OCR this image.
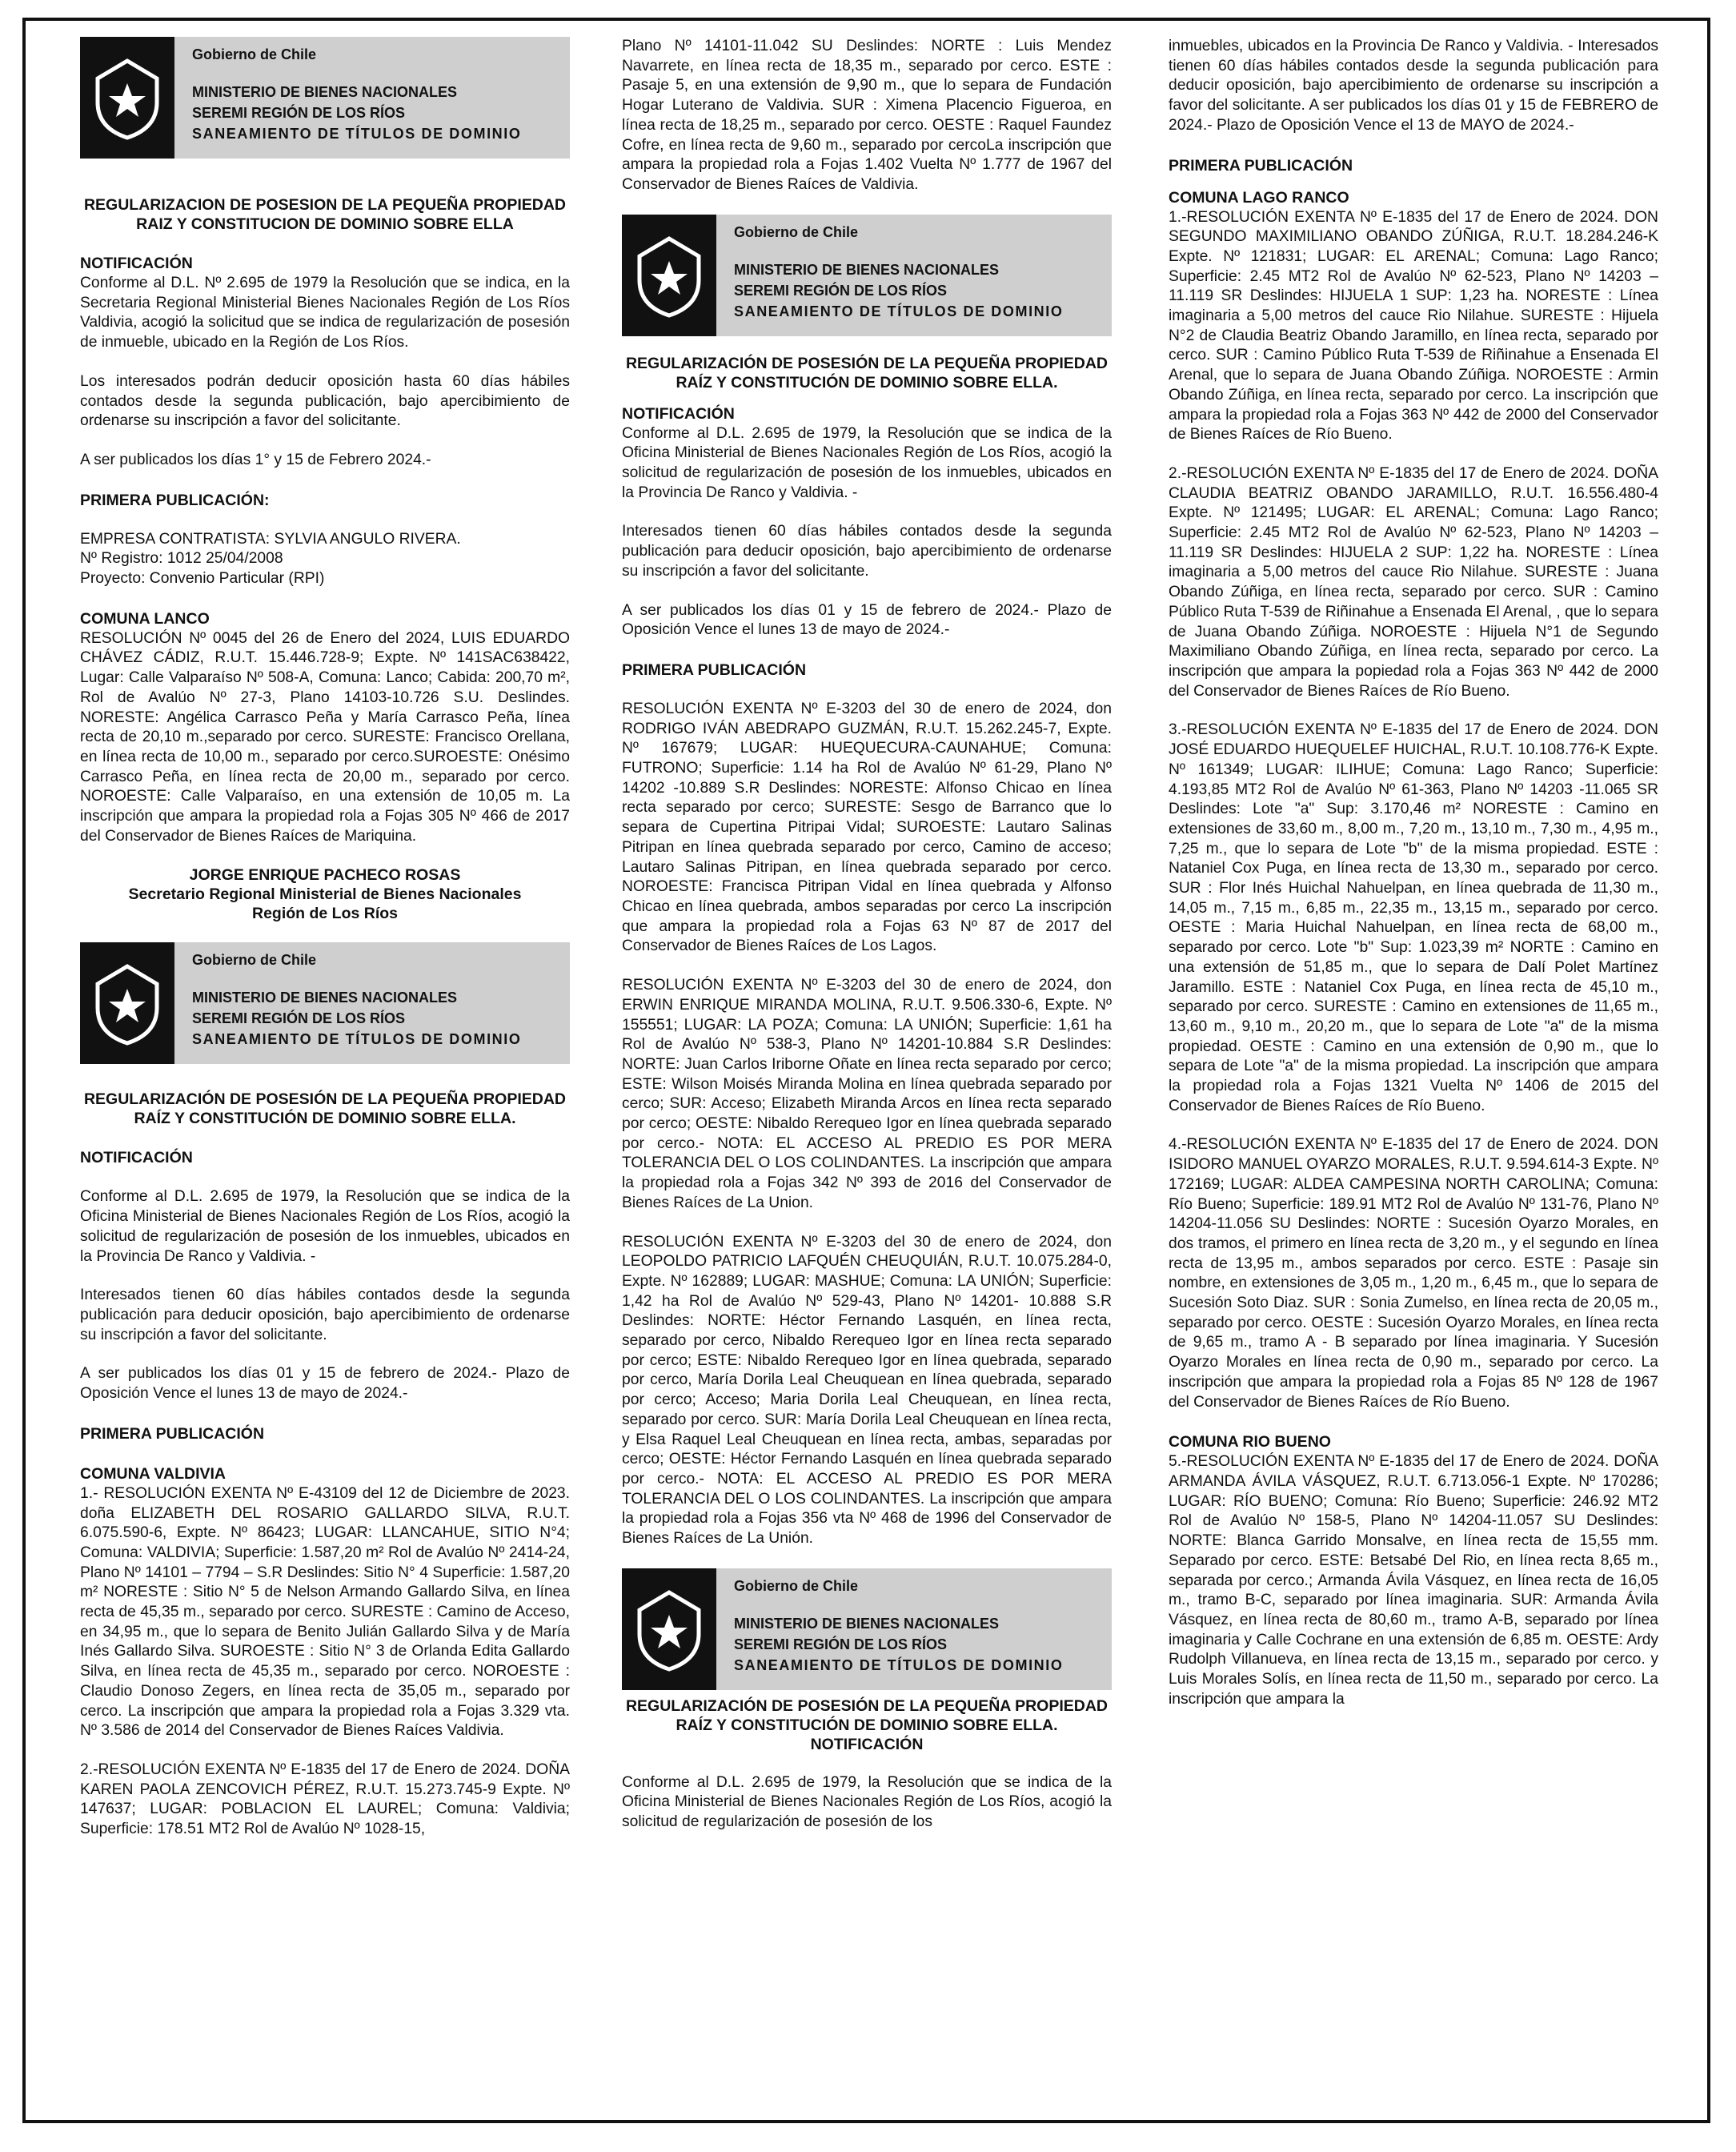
Gobierno de Chile
MINISTERIO DE BIENES NACIONALES
SEREMI REGIÓN DE LOS RÍOS
SANEAMIENTO DE TÍTULOS DE DOMINIO

REGULARIZACION DE POSESION DE LA PEQUEÑA PROPIEDAD RAIZ Y CONSTITUCION DE DOMINIO SOBRE ELLA

NOTIFICACIÓN

Conforme al D.L. Nº 2.695 de 1979 la Resolución que se indica, en la Secretaria Regional Ministerial Bienes Nacionales Región de Los Ríos Valdivia, acogió la solicitud que se indica de regularización de posesión de inmueble, ubicado en la Región de Los Ríos.

Los interesados podrán deducir oposición hasta 60 días hábiles contados desde la segunda publicación, bajo apercibimiento de ordenarse su inscripción a favor del solicitante.

A ser publicados los días 1° y 15 de Febrero 2024.-

PRIMERA PUBLICACIÓN:

EMPRESA CONTRATISTA: SYLVIA ANGULO RIVERA.

Nº Registro: 1012 25/04/2008

Proyecto: Convenio Particular (RPI)

COMUNA LANCO

RESOLUCIÓN Nº 0045 del 26 de Enero del 2024, LUIS EDUARDO CHÁVEZ CÁDIZ, R.U.T. 15.446.728-9; Expte. Nº 141SAC638422, Lugar: Calle Valparaíso Nº 508-A, Comuna: Lanco; Cabida: 200,70 m², Rol de Avalúo Nº 27-3, Plano 14103-10.726 S.U. Deslindes. NORESTE: Angélica Carrasco Peña y María Carrasco Peña, línea recta de 20,10 m.,separado por cerco. SURESTE: Francisco Orellana, en línea recta de 10,00 m., separado por cerco.SUROESTE: Onésimo Carrasco Peña, en línea recta de 20,00 m., separado por cerco. NOROESTE: Calle Valparaíso, en una extensión de 10,05 m. La inscripción que ampara la propiedad rola a Fojas 305 Nº 466 de 2017 del Conservador de Bienes Raíces de Mariquina.

JORGE ENRIQUE PACHECO ROSAS

Secretario Regional Ministerial de Bienes Nacionales

Región de Los Ríos

Gobierno de Chile
MINISTERIO DE BIENES NACIONALES
SEREMI REGIÓN DE LOS RÍOS
SANEAMIENTO DE TÍTULOS DE DOMINIO

REGULARIZACIÓN DE POSESIÓN DE LA PEQUEÑA PROPIEDAD RAÍZ Y CONSTITUCIÓN DE DOMINIO SOBRE ELLA.

NOTIFICACIÓN

Conforme al D.L. 2.695 de 1979, la Resolución que se indica de la Oficina Ministerial de Bienes Nacionales Región de Los Ríos, acogió la solicitud de regularización de posesión de los inmuebles, ubicados en la Provincia De Ranco y Valdivia. -

Interesados tienen 60 días hábiles contados desde la segunda publicación para deducir oposición, bajo apercibimiento de ordenarse su inscripción a favor del solicitante.

A ser publicados los días 01 y 15 de febrero de 2024.- Plazo de Oposición Vence el lunes 13 de mayo de 2024.-

PRIMERA PUBLICACIÓN

COMUNA VALDIVIA

1.- RESOLUCIÓN EXENTA Nº E-43109 del 12 de Diciembre de 2023. doña ELIZABETH DEL ROSARIO GALLARDO SILVA, R.U.T. 6.075.590-6, Expte. Nº 86423; LUGAR: LLANCAHUE, SITIO N°4; Comuna: VALDIVIA; Superficie: 1.587,20 m² Rol de Avalúo Nº 2414-24, Plano Nº 14101 – 7794 – S.R Deslindes: Sitio N° 4 Superficie: 1.587,20 m² NORESTE : Sitio N° 5 de Nelson Armando Gallardo Silva, en línea recta de 45,35 m., separado por cerco. SURESTE : Camino de Acceso, en 34,95 m., que lo separa de Benito Julián Gallardo Silva y de María Inés Gallardo Silva. SUROESTE : Sitio N° 3 de Orlanda Edita Gallardo Silva, en línea recta de 45,35 m., separado por cerco. NOROESTE : Claudio Donoso Zegers, en línea recta de 35,05 m., separado por cerco. La inscripción que ampara la propiedad rola a Fojas 3.329 vta. Nº 3.586 de 2014 del Conservador de Bienes Raíces Valdivia.

2.-RESOLUCIÓN EXENTA Nº E-1835 del 17 de Enero de 2024. DOÑA KAREN PAOLA ZENCOVICH PÉREZ, R.U.T. 15.273.745-9 Expte. Nº 147637; LUGAR: POBLACION EL LAUREL; Comuna: Valdivia; Superficie: 178.51 MT2 Rol de Avalúo Nº 1028-15,

Plano Nº 14101-11.042 SU Deslindes: NORTE : Luis Mendez Navarrete, en línea recta de 18,35 m., separado por cerco. ESTE : Pasaje 5, en una extensión de 9,90 m., que lo separa de Fundación Hogar Luterano de Valdivia. SUR : Ximena Placencio Figueroa, en línea recta de 18,25 m., separado por cerco. OESTE : Raquel Faundez Cofre, en línea recta de 9,60 m., separado por cercoLa inscripción que ampara la propiedad rola a Fojas 1.402 Vuelta Nº 1.777 de 1967 del Conservador de Bienes Raíces de Valdivia.

Gobierno de Chile
MINISTERIO DE BIENES NACIONALES
SEREMI REGIÓN DE LOS RÍOS
SANEAMIENTO DE TÍTULOS DE DOMINIO

REGULARIZACIÓN DE POSESIÓN DE LA PEQUEÑA PROPIEDAD RAÍZ Y CONSTITUCIÓN DE DOMINIO SOBRE ELLA.

NOTIFICACIÓN

Conforme al D.L. 2.695 de 1979, la Resolución que se indica de la Oficina Ministerial de Bienes Nacionales Región de Los Ríos, acogió la solicitud de regularización de posesión de los inmuebles, ubicados en la Provincia De Ranco y Valdivia. -

Interesados tienen 60 días hábiles contados desde la segunda publicación para deducir oposición, bajo apercibimiento de ordenarse su inscripción a favor del solicitante.

A ser publicados los días 01 y 15 de febrero de 2024.- Plazo de Oposición Vence el lunes 13 de mayo de 2024.-

PRIMERA PUBLICACIÓN

RESOLUCIÓN EXENTA Nº E-3203 del 30 de enero de 2024, don RODRIGO IVÁN ABEDRAPO GUZMÁN, R.U.T. 15.262.245-7, Expte. Nº 167679; LUGAR: HUEQUECURA-CAUNAHUE; Comuna: FUTRONO; Superficie: 1.14 ha Rol de Avalúo Nº 61-29, Plano Nº 14202 -10.889 S.R Deslindes: NORESTE: Alfonso Chicao en línea recta separado por cerco; SURESTE: Sesgo de Barranco que lo separa de Cupertina Pitripai Vidal; SUROESTE: Lautaro Salinas Pitripan en línea quebrada separado por cerco, Camino de acceso; Lautaro Salinas Pitripan, en línea quebrada separado por cerco. NOROESTE: Francisca Pitripan Vidal en línea quebrada y Alfonso Chicao en línea quebrada, ambos separadas por cerco La inscripción que ampara la propiedad rola a Fojas 63 Nº 87 de 2017 del Conservador de Bienes Raíces de Los Lagos.

RESOLUCIÓN EXENTA Nº E-3203 del 30 de enero de 2024, don ERWIN ENRIQUE MIRANDA MOLINA, R.U.T. 9.506.330-6, Expte. Nº 155551; LUGAR: LA POZA; Comuna: LA UNIÓN; Superficie: 1,61 ha Rol de Avalúo Nº 538-3, Plano Nº 14201-10.884 S.R Deslindes: NORTE: Juan Carlos Iriborne Oñate en línea recta separado por cerco; ESTE: Wilson Moisés Miranda Molina en línea quebrada separado por cerco; SUR: Acceso; Elizabeth Miranda Arcos en línea recta separado por cerco; OESTE: Nibaldo Rerequeo Igor en línea quebrada separado por cerco.- NOTA: EL ACCESO AL PREDIO ES POR MERA TOLERANCIA DEL O LOS COLINDANTES. La inscripción que ampara la propiedad rola a Fojas 342 Nº 393 de 2016 del Conservador de Bienes Raíces de La Union.

RESOLUCIÓN EXENTA Nº E-3203 del 30 de enero de 2024, don LEOPOLDO PATRICIO LAFQUÉN CHEUQUIÁN, R.U.T. 10.075.284-0, Expte. Nº 162889; LUGAR: MASHUE; Comuna: LA UNIÓN; Superficie: 1,42 ha Rol de Avalúo Nº 529-43, Plano Nº 14201- 10.888 S.R Deslindes: NORTE: Héctor Fernando Lasquén, en línea recta, separado por cerco, Nibaldo Rerequeo Igor en línea recta separado por cerco; ESTE: Nibaldo Rerequeo Igor en línea quebrada, separado por cerco, María Dorila Leal Cheuquean en línea quebrada, separado por cerco; Acceso; Maria Dorila Leal Cheuquean, en línea recta, separado por cerco. SUR: María Dorila Leal Cheuquean en línea recta, y Elsa Raquel Leal Cheuquean en línea recta, ambas, separadas por cerco; OESTE: Héctor Fernando Lasquén en línea quebrada separado por cerco.- NOTA: EL ACCESO AL PREDIO ES POR MERA TOLERANCIA DEL O LOS COLINDANTES. La inscripción que ampara la propiedad rola a Fojas 356 vta Nº 468 de 1996 del Conservador de Bienes Raíces de La Unión.

Gobierno de Chile
MINISTERIO DE BIENES NACIONALES
SEREMI REGIÓN DE LOS RÍOS
SANEAMIENTO DE TÍTULOS DE DOMINIO

REGULARIZACIÓN DE POSESIÓN DE LA PEQUEÑA PROPIEDAD RAÍZ Y CONSTITUCIÓN DE DOMINIO SOBRE ELLA. NOTIFICACIÓN

Conforme al D.L. 2.695 de 1979, la Resolución que se indica de la Oficina Ministerial de Bienes Nacionales Región de Los Ríos, acogió la solicitud de regularización de posesión de los

inmuebles, ubicados en la Provincia De Ranco y Valdivia. - Interesados tienen 60 días hábiles contados desde la segunda publicación para deducir oposición, bajo apercibimiento de ordenarse su inscripción a favor del solicitante. A ser publicados los días 01 y 15 de FEBRERO de 2024.- Plazo de Oposición Vence el 13 de MAYO de 2024.-

PRIMERA PUBLICACIÓN

COMUNA LAGO RANCO

1.-RESOLUCIÓN EXENTA Nº E-1835 del 17 de Enero de 2024. DON SEGUNDO MAXIMILIANO OBANDO ZÚÑIGA, R.U.T. 18.284.246-K Expte. Nº 121831; LUGAR: EL ARENAL; Comuna: Lago Ranco; Superficie: 2.45 MT2 Rol de Avalúo Nº 62-523, Plano Nº 14203 – 11.119 SR Deslindes: HIJUELA 1 SUP: 1,23 ha. NORESTE : Línea imaginaria a 5,00 metros del cauce Rio Nilahue. SURESTE : Hijuela N°2 de Claudia Beatriz Obando Jaramillo, en línea recta, separado por cerco. SUR : Camino Público Ruta T-539 de Riñinahue a Ensenada El Arenal, que lo separa de Juana Obando Zúñiga. NOROESTE : Armin Obando Zúñiga, en línea recta, separado por cerco. La inscripción que ampara la propiedad rola a Fojas 363 Nº 442 de 2000 del Conservador de Bienes Raíces de Río Bueno.

2.-RESOLUCIÓN EXENTA Nº E-1835 del 17 de Enero de 2024. DOÑA CLAUDIA BEATRIZ OBANDO JARAMILLO, R.U.T. 16.556.480-4 Expte. Nº 121495; LUGAR: EL ARENAL; Comuna: Lago Ranco; Superficie: 2.45 MT2 Rol de Avalúo Nº 62-523, Plano Nº 14203 – 11.119 SR Deslindes: HIJUELA 2 SUP: 1,22 ha. NORESTE : Línea imaginaria a 5,00 metros del cauce Rio Nilahue. SURESTE : Juana Obando Zúñiga, en línea recta, separado por cerco. SUR : Camino Público Ruta T-539 de Riñinahue a Ensenada El Arenal, , que lo separa de Juana Obando Zúñiga. NOROESTE : Hijuela N°1 de Segundo Maximiliano Obando Zúñiga, en línea recta, separado por cerco. La inscripción que ampara la popiedad rola a Fojas 363 Nº 442 de 2000 del Conservador de Bienes Raíces de Río Bueno.

3.-RESOLUCIÓN EXENTA Nº E-1835 del 17 de Enero de 2024. DON JOSÉ EDUARDO HUEQUELEF HUICHAL, R.U.T. 10.108.776-K Expte. Nº 161349; LUGAR: ILIHUE; Comuna: Lago Ranco; Superficie: 4.193,85 MT2 Rol de Avalúo Nº 61-363, Plano Nº 14203 -11.065 SR Deslindes: Lote "a" Sup: 3.170,46 m² NORESTE : Camino en extensiones de 33,60 m., 8,00 m., 7,20 m., 13,10 m., 7,30 m., 4,95 m., 7,25 m., que lo separa de Lote "b" de la misma propiedad. ESTE : Nataniel Cox Puga, en línea recta de 13,30 m., separado por cerco. SUR : Flor Inés Huichal Nahuelpan, en línea quebrada de 11,30 m., 14,05 m., 7,15 m., 6,85 m., 22,35 m., 13,15 m., separado por cerco. OESTE : Maria Huichal Nahuelpan, en línea recta de 68,00 m., separado por cerco. Lote "b" Sup: 1.023,39 m² NORTE : Camino en una extensión de 51,85 m., que lo separa de Dalí Polet Martínez Jaramillo. ESTE : Nataniel Cox Puga, en línea recta de 45,10 m., separado por cerco. SURESTE : Camino en extensiones de 11,65 m., 13,60 m., 9,10 m., 20,20 m., que lo separa de Lote "a" de la misma propiedad. OESTE : Camino en una extensión de 0,90 m., que lo separa de Lote "a" de la misma propiedad. La inscripción que ampara la propiedad rola a Fojas 1321 Vuelta Nº 1406 de 2015 del Conservador de Bienes Raíces de Río Bueno.

4.-RESOLUCIÓN EXENTA Nº E-1835 del 17 de Enero de 2024. DON ISIDORO MANUEL OYARZO MORALES, R.U.T. 9.594.614-3 Expte. Nº 172169; LUGAR: ALDEA CAMPESINA NORTH CAROLINA; Comuna: Río Bueno; Superficie: 189.91 MT2 Rol de Avalúo Nº 131-76, Plano Nº 14204-11.056 SU Deslindes: NORTE : Sucesión Oyarzo Morales, en dos tramos, el primero en línea recta de 3,20 m., y el segundo en línea recta de 13,95 m., ambos separados por cerco. ESTE : Pasaje sin nombre, en extensiones de 3,05 m., 1,20 m., 6,45 m., que lo separa de Sucesión Soto Diaz. SUR : Sonia Zumelso, en línea recta de 20,05 m., separado por cerco. OESTE : Sucesión Oyarzo Morales, en línea recta de 9,65 m., tramo A - B separado por línea imaginaria. Y Sucesión Oyarzo Morales en línea recta de 0,90 m., separado por cerco. La inscripción que ampara la propiedad rola a Fojas 85 Nº 128 de 1967 del Conservador de Bienes Raíces de Río Bueno.

COMUNA RIO BUENO

5.-RESOLUCIÓN EXENTA Nº E-1835 del 17 de Enero de 2024. DOÑA ARMANDA ÁVILA VÁSQUEZ, R.U.T. 6.713.056-1 Expte. Nº 170286; LUGAR: RÍO BUENO; Comuna: Río Bueno; Superficie: 246.92 MT2 Rol de Avalúo Nº 158-5, Plano Nº 14204-11.057 SU Deslindes: NORTE: Blanca Garrido Monsalve, en línea recta de 15,55 mm. Separado por cerco. ESTE: Betsabé Del Rio, en línea recta 8,65 m., separada por cerco.; Armanda Ávila Vásquez, en línea recta de 16,05 m., tramo B-C, separado por línea imaginaria. SUR: Armanda Ávila Vásquez, en línea recta de 80,60 m., tramo A-B, separado por línea imaginaria y Calle Cochrane en una extensión de 6,85 m. OESTE: Ardy Rudolph Villanueva, en línea recta de 13,15 m., separado por cerco. y Luis Morales Solís, en línea recta de 11,50 m., separado por cerco. La inscripción que ampara la
